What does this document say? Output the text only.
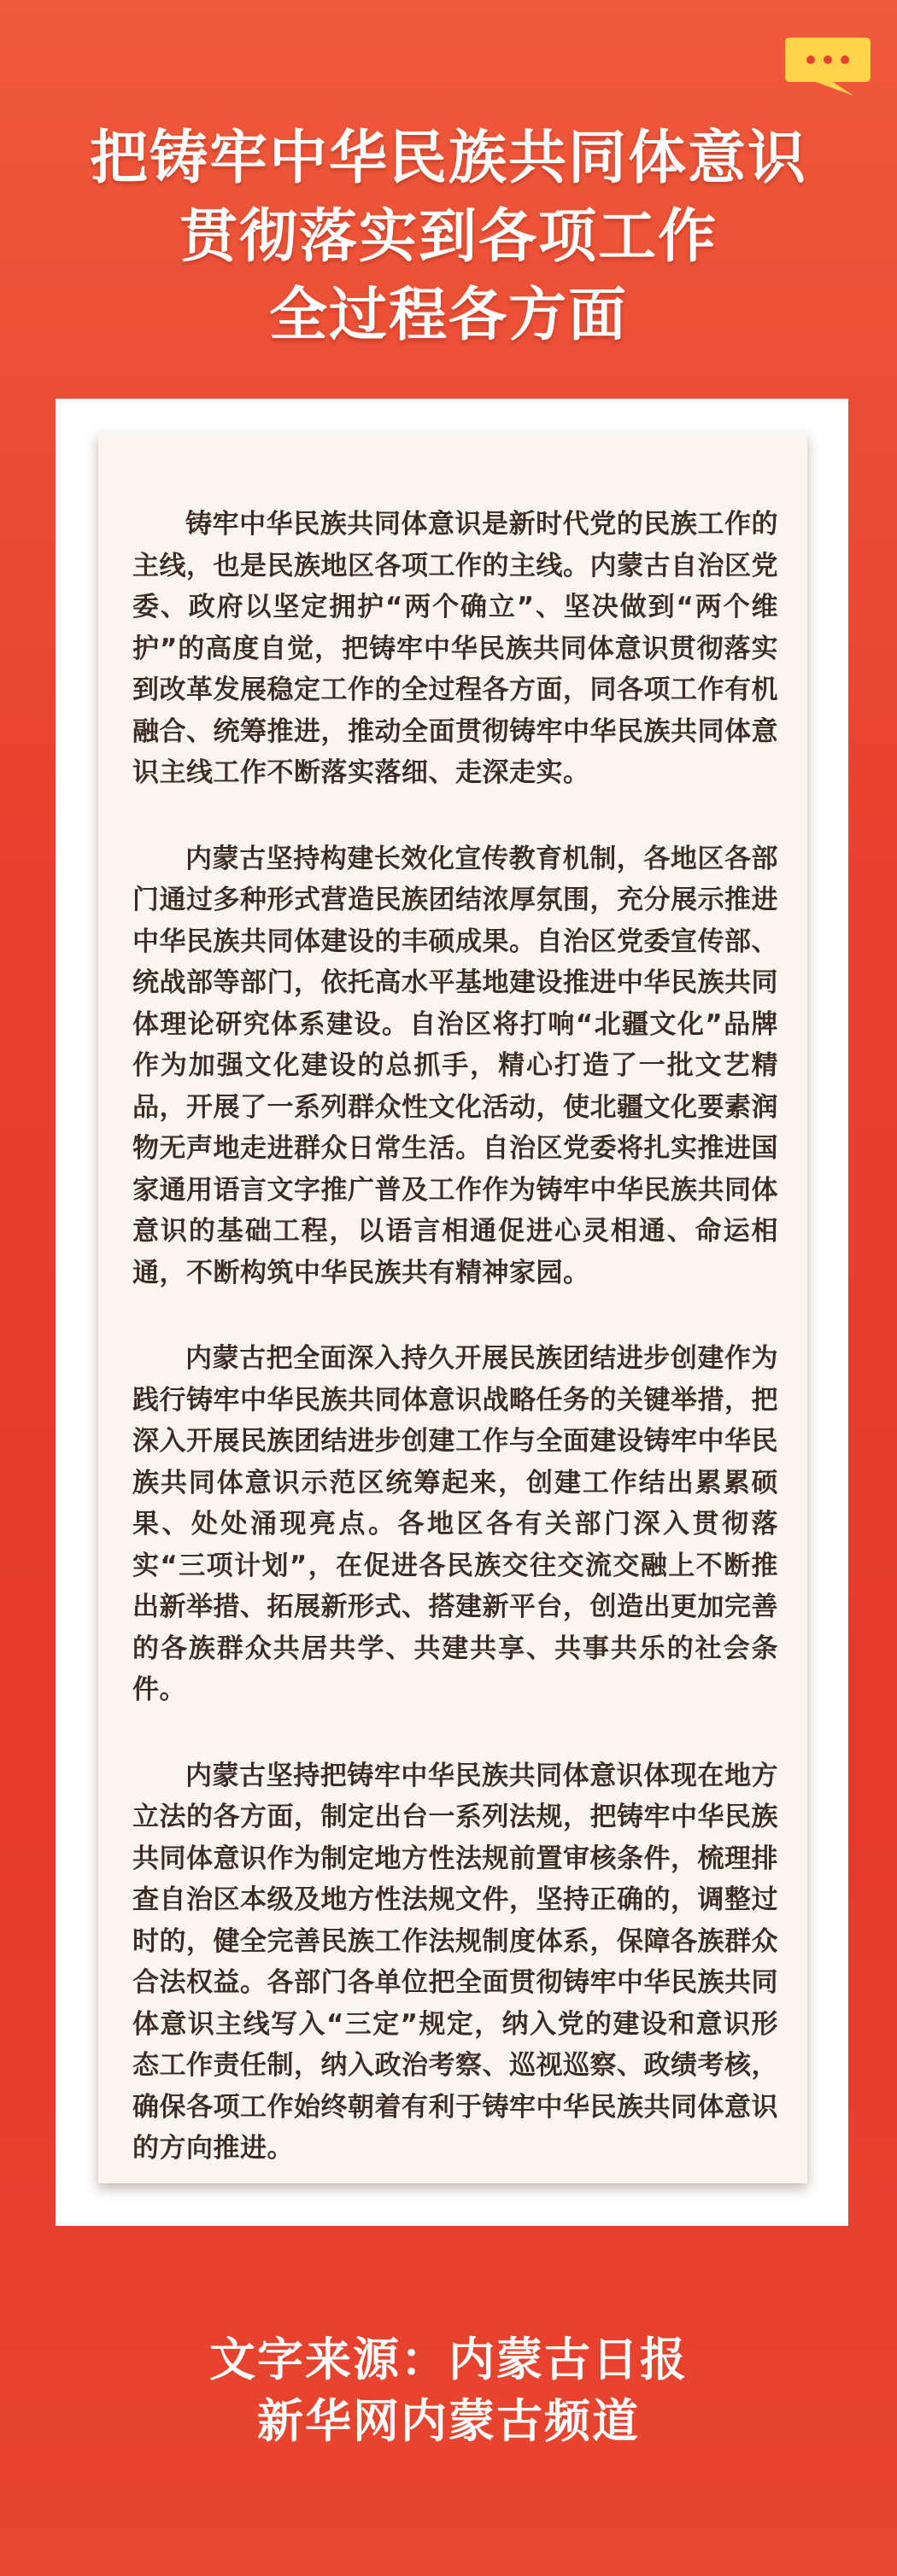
把铸牢中华民族共同体意识
贯彻落实到各项工作
全过程各方面

铸牢中华民族共同体意识是新时代党的民族工作的主线，也是民族地区各项工作的主线。内蒙古自治区党委、政府以坚定拥护“两个确立”、坚决做到“两个维护”的高度自觉，把铸牢中华民族共同体意识贯彻落实到改革发展稳定工作的全过程各方面，同各项工作有机融合、统筹推进，推动全面贯彻铸牢中华民族共同体意识主线工作不断落实落细、走深走实。

内蒙古坚持构建长效化宣传教育机制，各地区各部门通过多种形式营造民族团结浓厚氛围，充分展示推进中华民族共同体建设的丰硕成果。自治区党委宣传部、统战部等部门，依托高水平基地建设推进中华民族共同体理论研究体系建设。自治区将打响“北疆文化”品牌作为加强文化建设的总抓手，精心打造了一批文艺精品，开展了一系列群众性文化活动，使北疆文化要素润物无声地走进群众日常生活。自治区党委将扎实推进国家通用语言文字推广普及工作作为铸牢中华民族共同体意识的基础工程，以语言相通促进心灵相通、命运相通，不断构筑中华民族共有精神家园。

内蒙古把全面深入持久开展民族团结进步创建作为践行铸牢中华民族共同体意识战略任务的关键举措，把深入开展民族团结进步创建工作与全面建设铸牢中华民族共同体意识示范区统筹起来，创建工作结出累累硕果、处处涌现亮点。各地区各有关部门深入贯彻落实“三项计划”，在促进各民族交往交流交融上不断推出新举措、拓展新形式、搭建新平台，创造出更加完善的各族群众共居共学、共建共享、共事共乐的社会条件。

内蒙古坚持把铸牢中华民族共同体意识体现在地方立法的各方面，制定出台一系列法规，把铸牢中华民族共同体意识作为制定地方性法规前置审核条件，梳理排查自治区本级及地方性法规文件，坚持正确的，调整过时的，健全完善民族工作法规制度体系，保障各族群众合法权益。各部门各单位把全面贯彻铸牢中华民族共同体意识主线写入“三定”规定，纳入党的建设和意识形态工作责任制，纳入政治考察、巡视巡察、政绩考核，确保各项工作始终朝着有利于铸牢中华民族共同体意识的方向推进。

文字来源：内蒙古日报
新华网内蒙古频道
